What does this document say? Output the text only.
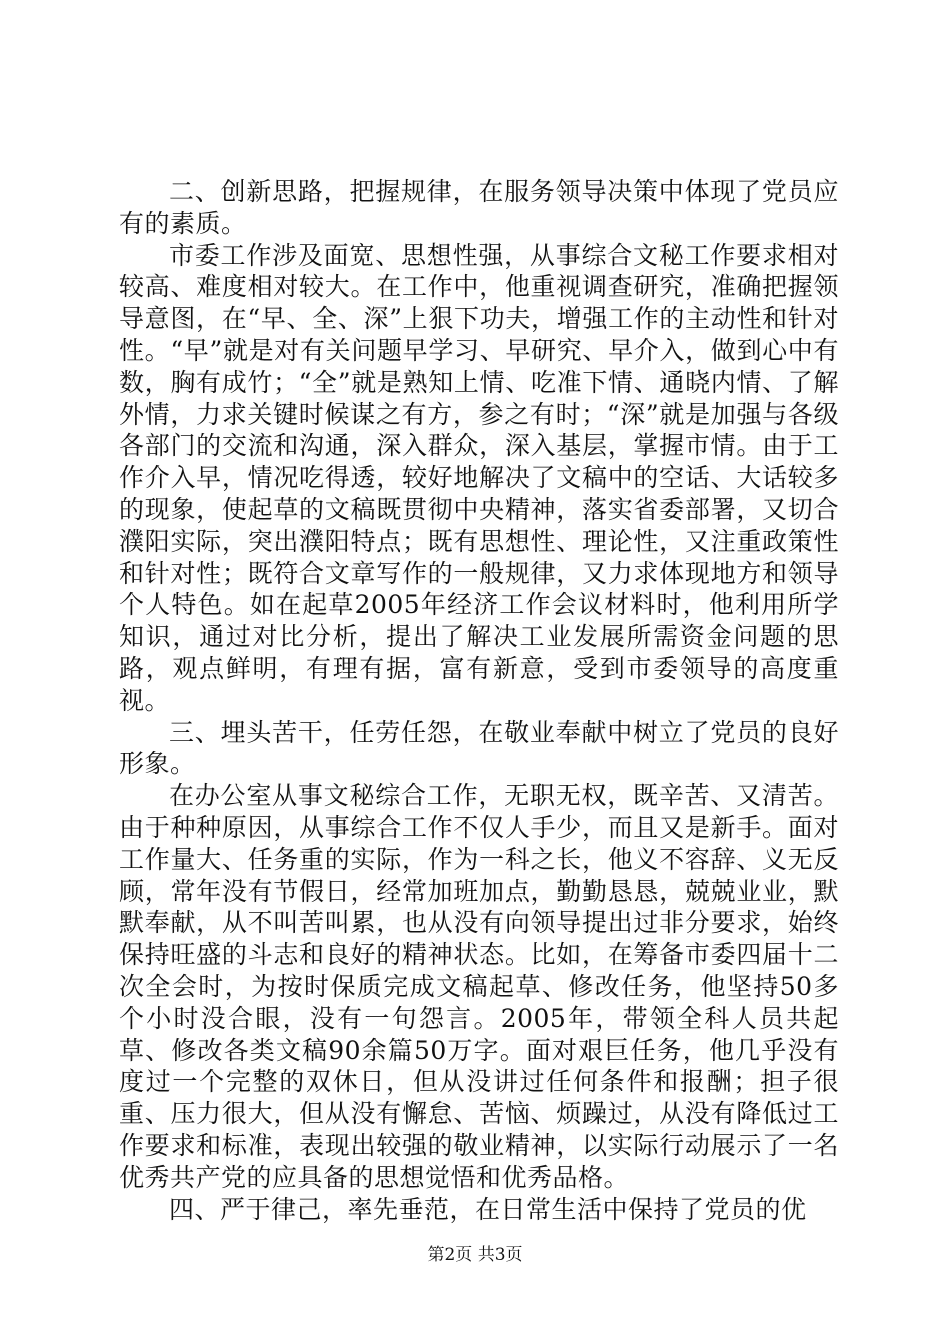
二、创新思路，把握规律，在服务领导决策中体现了党员应有的素质。

市委工作涉及面宽、思想性强，从事综合文秘工作要求相对较高、难度相对较大。在工作中，他重视调查研究，准确把握领导意图，在“早、全、深”上狠下功夫，增强工作的主动性和针对性。“早”就是对有关问题早学习、早研究、早介入，做到心中有数，胸有成竹；“全”就是熟知上情、吃准下情、通晓内情、了解外情，力求关键时候谋之有方，参之有时；“深”就是加强与各级各部门的交流和沟通，深入群众，深入基层，掌握市情。由于工作介入早，情况吃得透，较好地解决了文稿中的空话、大话较多的现象，使起草的文稿既贯彻中央精神，落实省委部署，又切合濮阳实际，突出濮阳特点；既有思想性、理论性，又注重政策性和针对性；既符合文章写作的一般规律，又力求体现地方和领导个人特色。如在起草2005年经济工作会议材料时，他利用所学知识，通过对比分析，提出了解决工业发展所需资金问题的思路，观点鲜明，有理有据，富有新意，受到市委领导的高度重视。

三、埋头苦干，任劳任怨，在敬业奉献中树立了党员的良好形象。

在办公室从事文秘综合工作，无职无权，既辛苦、又清苦。由于种种原因，从事综合工作不仅人手少，而且又是新手。面对工作量大、任务重的实际，作为一科之长，他义不容辞、义无反顾，常年没有节假日，经常加班加点，勤勤恳恳，兢兢业业，默默奉献，从不叫苦叫累，也从没有向领导提出过非分要求，始终保持旺盛的斗志和良好的精神状态。比如，在筹备市委四届十二次全会时，为按时保质完成文稿起草、修改任务，他坚持50多个小时没合眼，没有一句怨言。2005年，带领全科人员共起草、修改各类文稿90余篇50万字。面对艰巨任务，他几乎没有度过一个完整的双休日，但从没讲过任何条件和报酬；担子很重、压力很大，但从没有懈怠、苦恼、烦躁过，从没有降低过工作要求和标准，表现出较强的敬业精神，以实际行动展示了一名优秀共产党的应具备的思想觉悟和优秀品格。

四、严于律己，率先垂范，在日常生活中保持了党员的优

第2页 共3页
